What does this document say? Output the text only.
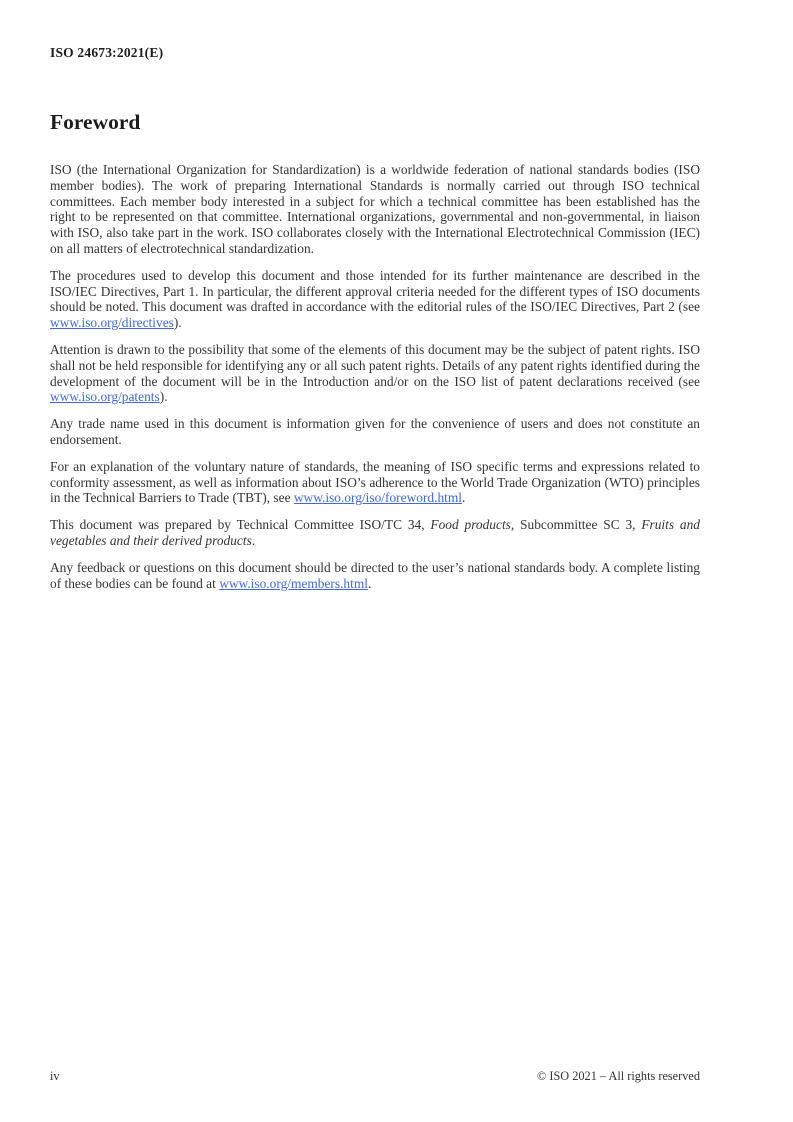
ISO 24673:2021(E)
Foreword

ISO (the International Organization for Standardization) is a worldwide federation of national standards bodies (ISO member bodies). The work of preparing International Standards is normally carried out through ISO technical committees. Each member body interested in a subject for which a technical committee has been established has the right to be represented on that committee. International organizations, governmental and non-governmental, in liaison with ISO, also take part in the work. ISO collaborates closely with the International Electrotechnical Commission (IEC) on all matters of electrotechnical standardization.

The procedures used to develop this document and those intended for its further maintenance are described in the ISO/IEC Directives, Part 1. In particular, the different approval criteria needed for the different types of ISO documents should be noted. This document was drafted in accordance with the editorial rules of the ISO/IEC Directives, Part 2 (see www.iso.org/directives).

Attention is drawn to the possibility that some of the elements of this document may be the subject of patent rights. ISO shall not be held responsible for identifying any or all such patent rights. Details of any patent rights identified during the development of the document will be in the Introduction and/or on the ISO list of patent declarations received (see www.iso.org/patents).

Any trade name used in this document is information given for the convenience of users and does not constitute an endorsement.

For an explanation of the voluntary nature of standards, the meaning of ISO specific terms and expressions related to conformity assessment, as well as information about ISO’s adherence to the World Trade Organization (WTO) principles in the Technical Barriers to Trade (TBT), see www.iso.org/iso/foreword.html.

This document was prepared by Technical Committee ISO/TC 34, Food products, Subcommittee SC 3, Fruits and vegetables and their derived products.

Any feedback or questions on this document should be directed to the user’s national standards body. A complete listing of these bodies can be found at www.iso.org/members.html.

iv	© ISO 2021 – All rights reserved
